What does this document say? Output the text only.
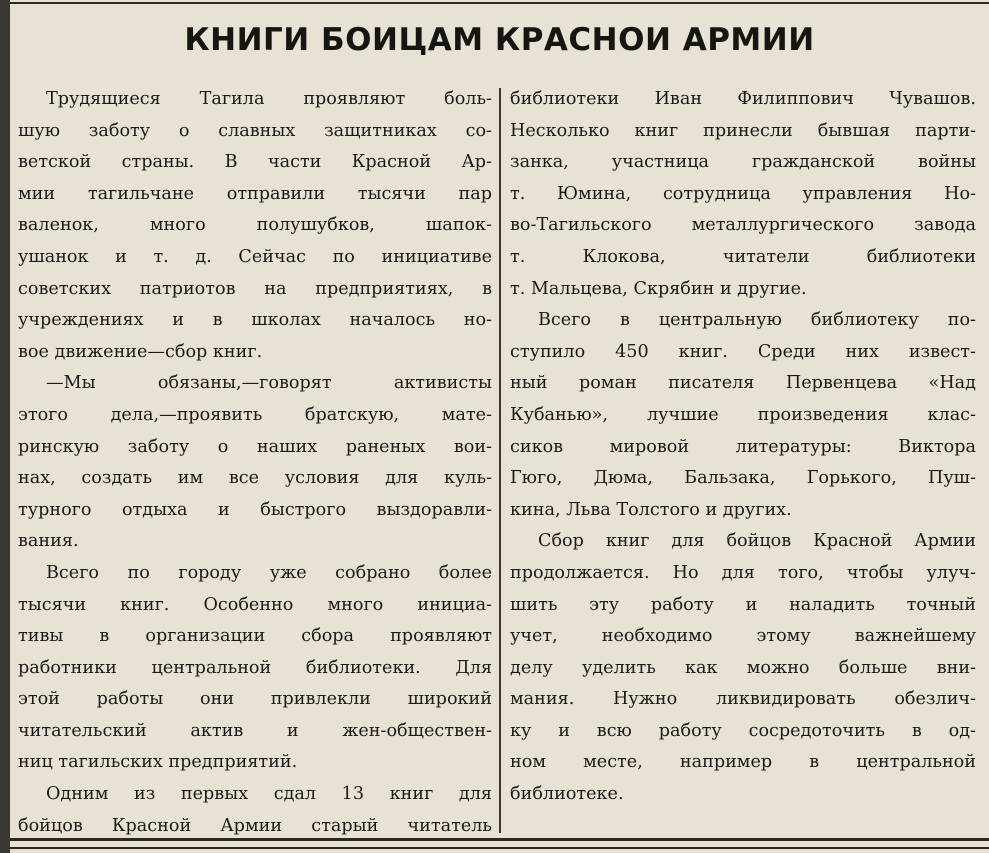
КНИГИ БОИЦАМ КРАСНОИ АРМИИ

Трудящиеся Тагила проявляют боль-

шую заботу о славных защитниках со-

ветской страны. В части Красной Ар-

мии тагильчане отправили тысячи пар

валенок, много полушубков, шапок-

ушанок и т. д. Сейчас по инициативе

советских патриотов на предприятиях, в

учреждениях и в школах началось но-

вое движение—сбор книг.

—Мы обязаны,—говорят активисты

этого дела,—проявить братскую, мате-

ринскую заботу о наших раненых вои-

нах, создать им все условия для куль-

турного отдыха и быстрого выздоравли-

вания.

Всего по городу уже собрано более

тысячи книг. Особенно много инициа-

тивы в организации сбора проявляют

работники центральной библиотеки. Для

этой работы они привлекли широкий

читательский актив и жен-обществен-

ниц тагильских предприятий.

Одним из первых сдал 13 книг для

бойцов Красной Армии старый читатель

библиотеки Иван Филиппович Чувашов.

Несколько книг принесли бывшая парти-

занка, участница гражданской войны

т. Юмина, сотрудница управления Но-

во-Тагильского металлургического завода

т. Клокова, читатели библиотеки

т. Мальцева, Скрябин и другие.

Всего в центральную библиотеку по-

ступило 450 книг. Среди них извест-

ный роман писателя Первенцева «Над

Кубанью», лучшие произведения клас-

сиков мировой литературы: Виктора

Гюго, Дюма, Бальзака, Горького, Пуш-

кина, Льва Толстого и других.

Сбор книг для бойцов Красной Армии

продолжается. Но для того, чтобы улуч-

шить эту работу и наладить точный

учет, необходимо этому важнейшему

делу уделить как можно больше вни-

мания. Нужно ликвидировать обезлич-

ку и всю работу сосредоточить в од-

ном месте, например в центральной

библиотеке.
